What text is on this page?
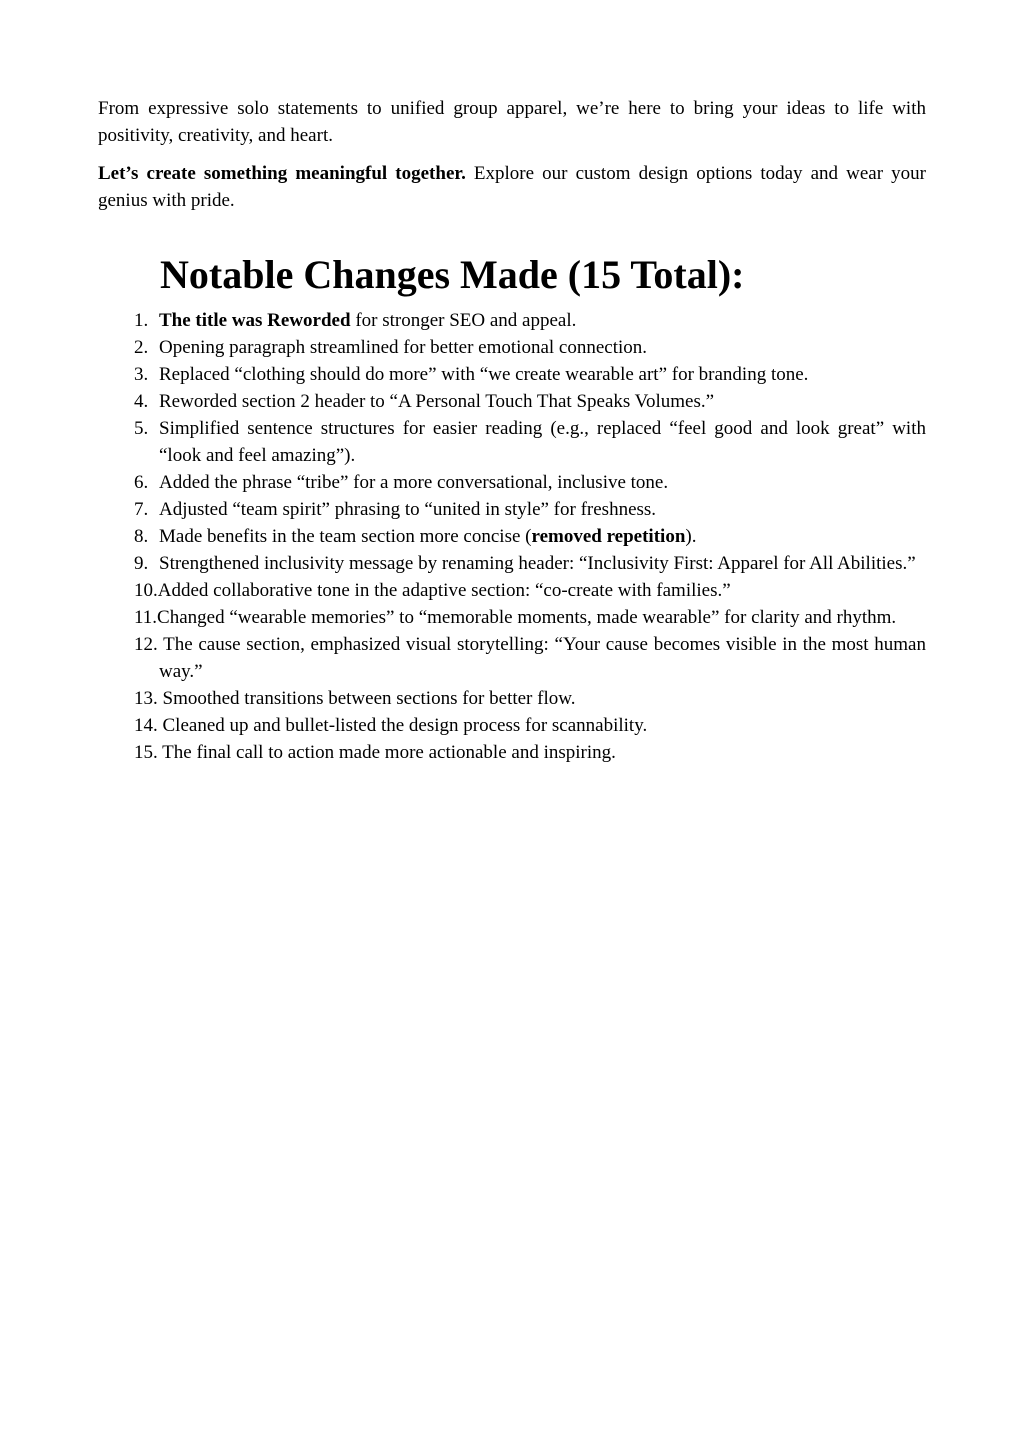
From expressive solo statements to unified group apparel, we’re here to bring your ideas to life with positivity, creativity, and heart.

Let’s create something meaningful together. Explore our custom design options today and wear your genius with pride.

Notable Changes Made (15 Total):
1. The title was Reworded for stronger SEO and appeal.
2. Opening paragraph streamlined for better emotional connection.
3. Replaced “clothing should do more” with “we create wearable art” for branding tone.
4. Reworded section 2 header to “A Personal Touch That Speaks Volumes.”
5. Simplified sentence structures for easier reading (e.g., replaced “feel good and look great” with “look and feel amazing”).
6. Added the phrase “tribe” for a more conversational, inclusive tone.
7. Adjusted “team spirit” phrasing to “united in style” for freshness.
8. Made benefits in the team section more concise (removed repetition).
9. Strengthened inclusivity message by renaming header: “Inclusivity First: Apparel for All Abilities.”
10.Added collaborative tone in the adaptive section: “co-create with families.”
11.Changed “wearable memories” to “memorable moments, made wearable” for clarity and rhythm.
12. The cause section, emphasized visual storytelling: “Your cause becomes visible in the most human way.”
13. Smoothed transitions between sections for better flow.
14. Cleaned up and bullet-listed the design process for scannability.
15. The final call to action made more actionable and inspiring.
